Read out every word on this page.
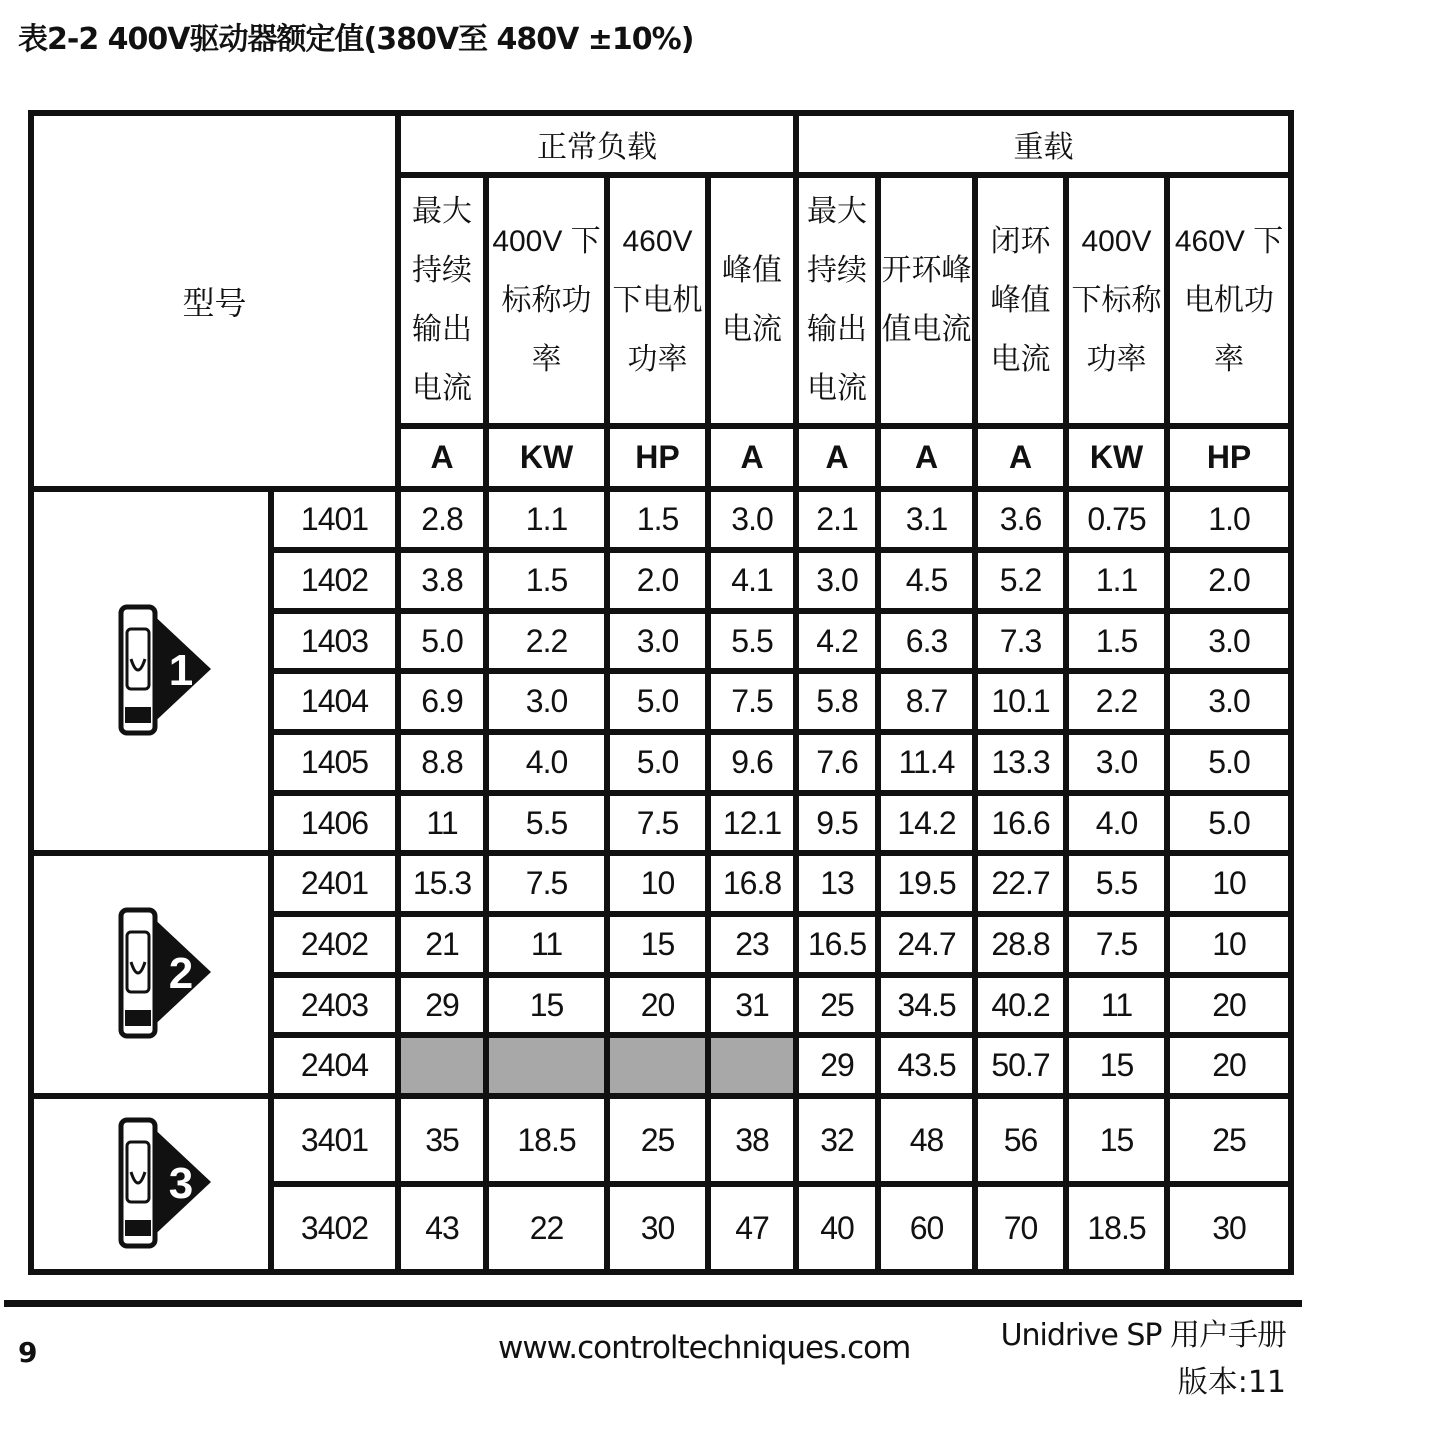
表2-2 400V驱动器额定值(380V至 480V ±10%)
型号		正常负载				重载				
		最大持续输出电流	400V 下标称功率	460V 下电机功率	峰值电流	最大持续输出电流	开环峰值电流	闭环峰值电流	400V 下标称功率	460V 下电机功率
		A	KW	HP	A	A	A	A	KW	HP

1	1401	2.8	1.1	1.5	3.0	2.1	3.1	3.6	0.75	1.0
	1402	3.8	1.5	2.0	4.1	3.0	4.5	5.2	1.1	2.0
	1403	5.0	2.2	3.0	5.5	4.2	6.3	7.3	1.5	3.0
	1404	6.9	3.0	5.0	7.5	5.8	8.7	10.1	2.2	3.0
	1405	8.8	4.0	5.0	9.6	7.6	11.4	13.3	3.0	5.0
	1406	11	5.5	7.5	12.1	9.5	14.2	16.6	4.0	5.0

2	2401	15.3	7.5	10	16.8	13	19.5	22.7	5.5	10
	2402	21	11	15	23	16.5	24.7	28.8	7.5	10
	2403	29	15	20	31	25	34.5	40.2	11	20
	2404					29	43.5	50.7	15	20

3	3401	35	18.5	25	38	32	48	56	15	25
	3402	43	22	30	47	40	60	70	18.5	30
9	www.controltechniques.com	Unidrive SP 用户手册
版本:11
